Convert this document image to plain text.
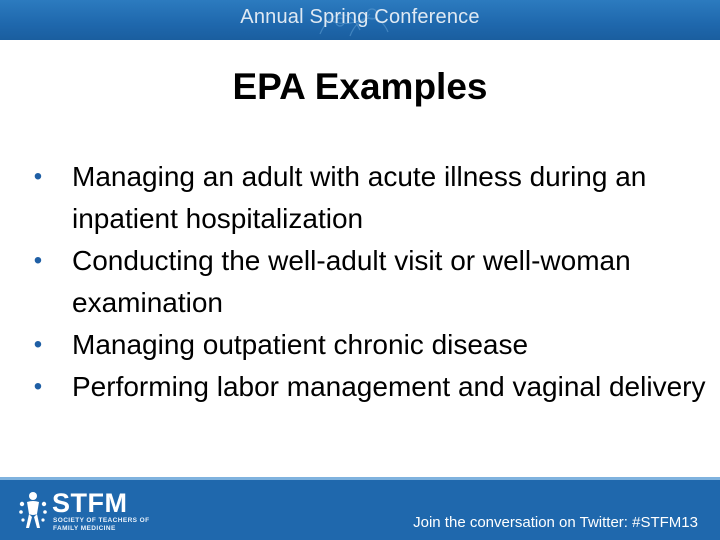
Annual Spring Conference
EPA Examples
• Managing an adult with acute illness during an inpatient hospitalization
• Conducting the well-adult visit or well-woman examination
• Managing outpatient chronic disease
• Performing labor management and vaginal delivery
STFM
SOCIETY OF TEACHERS OF
FAMILY MEDICINE	Join the conversation on Twitter: #STFM13
